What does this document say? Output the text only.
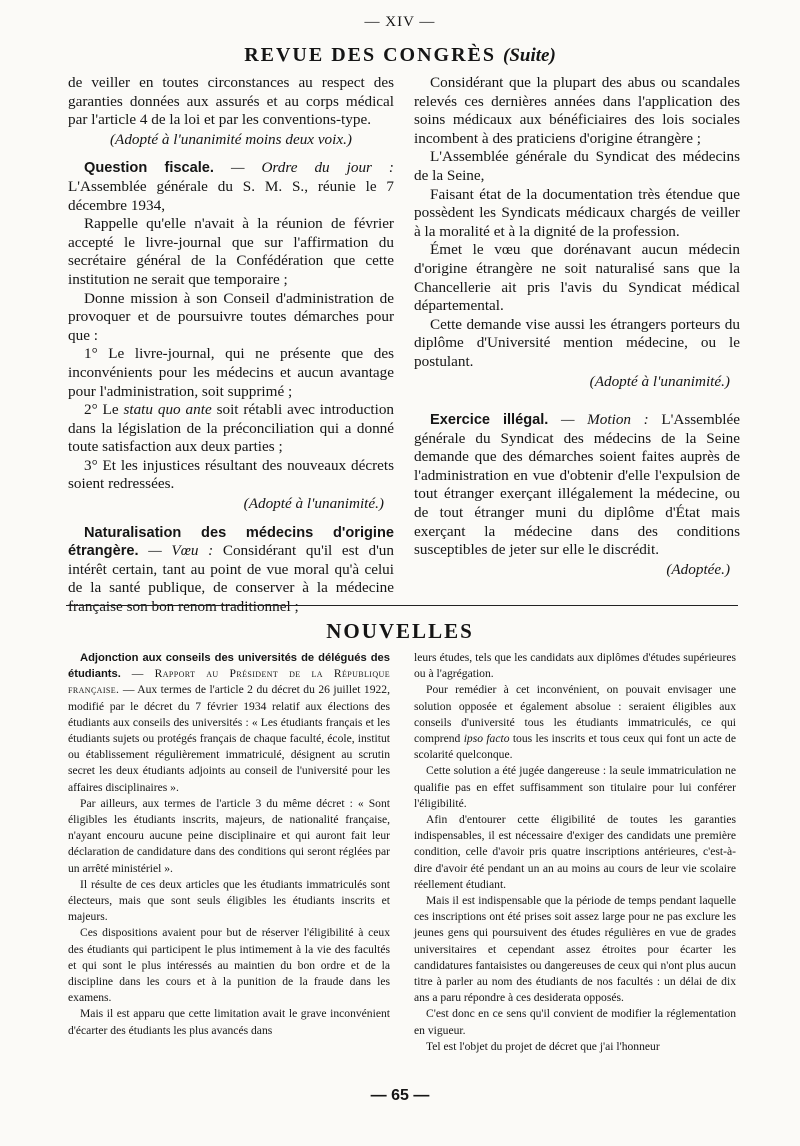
— XIV —
REVUE DES CONGRÈS (Suite)

de veiller en toutes circonstances au respect des garanties données aux assurés et au corps médical par l'article 4 de la loi et par les conventions-type.

(Adopté à l'unanimité moins deux voix.)

Question fiscale. — Ordre du jour : L'Assemblée générale du S. M. S., réunie le 7 décembre 1934,

Rappelle qu'elle n'avait à la réunion de février accepté le livre-journal que sur l'affirmation du secrétaire général de la Confédération que cette institution ne serait que temporaire ;

Donne mission à son Conseil d'administration de provoquer et de poursuivre toutes démarches pour que :

1° Le livre-journal, qui ne présente que des inconvénients pour les médecins et aucun avantage pour l'administration, soit supprimé ;

2° Le statu quo ante soit rétabli avec introduction dans la législation de la préconciliation qui a donné toute satisfaction aux deux parties ;

3° Et les injustices résultant des nouveaux décrets soient redressées.

(Adopté à l'unanimité.)

Naturalisation des médecins d'origine étrangère. — Vœu : Considérant qu'il est d'un intérêt certain, tant au point de vue moral qu'à celui de la santé publique, de conserver à la médecine française son bon renom traditionnel ;

Considérant que la plupart des abus ou scandales relevés ces dernières années dans l'application des soins médicaux aux bénéficiaires des lois sociales incombent à des praticiens d'origine étrangère ;

L'Assemblée générale du Syndicat des médecins de la Seine,

Faisant état de la documentation très étendue que possèdent les Syndicats médicaux chargés de veiller à la moralité et à la dignité de la profession.

Émet le vœu que dorénavant aucun médecin d'origine étrangère ne soit naturalisé sans que la Chancellerie ait pris l'avis du Syndicat médical départemental.

Cette demande vise aussi les étrangers porteurs du diplôme d'Université mention médecine, ou le postulant.

(Adopté à l'unanimité.)

Exercice illégal. — Motion : L'Assemblée générale du Syndicat des médecins de la Seine demande que des démarches soient faites auprès de l'administration en vue d'obtenir d'elle l'expulsion de tout étranger exerçant illégalement la médecine, ou de tout étranger muni du diplôme d'État mais exerçant la médecine dans des conditions susceptibles de jeter sur elle le discrédit.

(Adoptée.)

NOUVELLES

Adjonction aux conseils des universités de délégués des étudiants. — Rapport au Président de la République française. — Aux termes de l'article 2 du décret du 26 juillet 1922, modifié par le décret du 7 février 1934 relatif aux élections des étudiants aux conseils des universités : « Les étudiants français et les étudiants sujets ou protégés français de chaque faculté, école, institut ou établissement régulièrement immatriculé, désignent au scrutin secret les deux étudiants adjoints au conseil de l'université pour les affaires disciplinaires ».

Par ailleurs, aux termes de l'article 3 du même décret : « Sont éligibles les étudiants inscrits, majeurs, de nationalité française, n'ayant encouru aucune peine disciplinaire et qui auront fait leur déclaration de candidature dans des conditions qui seront réglées par un arrêté ministériel ».

Il résulte de ces deux articles que les étudiants immatriculés sont électeurs, mais que sont seuls éligibles les étudiants inscrits et majeurs.

Ces dispositions avaient pour but de réserver l'éligibilité à ceux des étudiants qui participent le plus intimement à la vie des facultés et qui sont le plus intéressés au maintien du bon ordre et de la discipline dans les cours et à la punition de la fraude dans les examens.

Mais il est apparu que cette limitation avait le grave inconvénient d'écarter des étudiants les plus avancés dans

leurs études, tels que les candidats aux diplômes d'études supérieures ou à l'agrégation.

Pour remédier à cet inconvénient, on pouvait envisager une solution opposée et également absolue : seraient éligibles aux conseils d'université tous les étudiants immatriculés, ce qui comprend ipso facto tous les inscrits et tous ceux qui font un acte de scolarité quelconque.

Cette solution a été jugée dangereuse : la seule immatriculation ne qualifie pas en effet suffisamment son titulaire pour lui conférer l'éligibilité.

Afin d'entourer cette éligibilité de toutes les garanties indispensables, il est nécessaire d'exiger des candidats une première condition, celle d'avoir pris quatre inscriptions antérieures, c'est-à-dire d'avoir été pendant un an au moins au cours de leur vie scolaire réellement étudiant.

Mais il est indispensable que la période de temps pendant laquelle ces inscriptions ont été prises soit assez large pour ne pas exclure les jeunes gens qui poursuivent des études régulières en vue de grades universitaires et cependant assez étroites pour écarter les candidatures fantaisistes ou dangereuses de ceux qui n'ont plus aucun titre à parler au nom des étudiants de nos facultés : un délai de dix ans a paru répondre à ces desiderata opposés.

C'est donc en ce sens qu'il convient de modifier la réglementation en vigueur.

Tel est l'objet du projet de décret que j'ai l'honneur

— 65 —
